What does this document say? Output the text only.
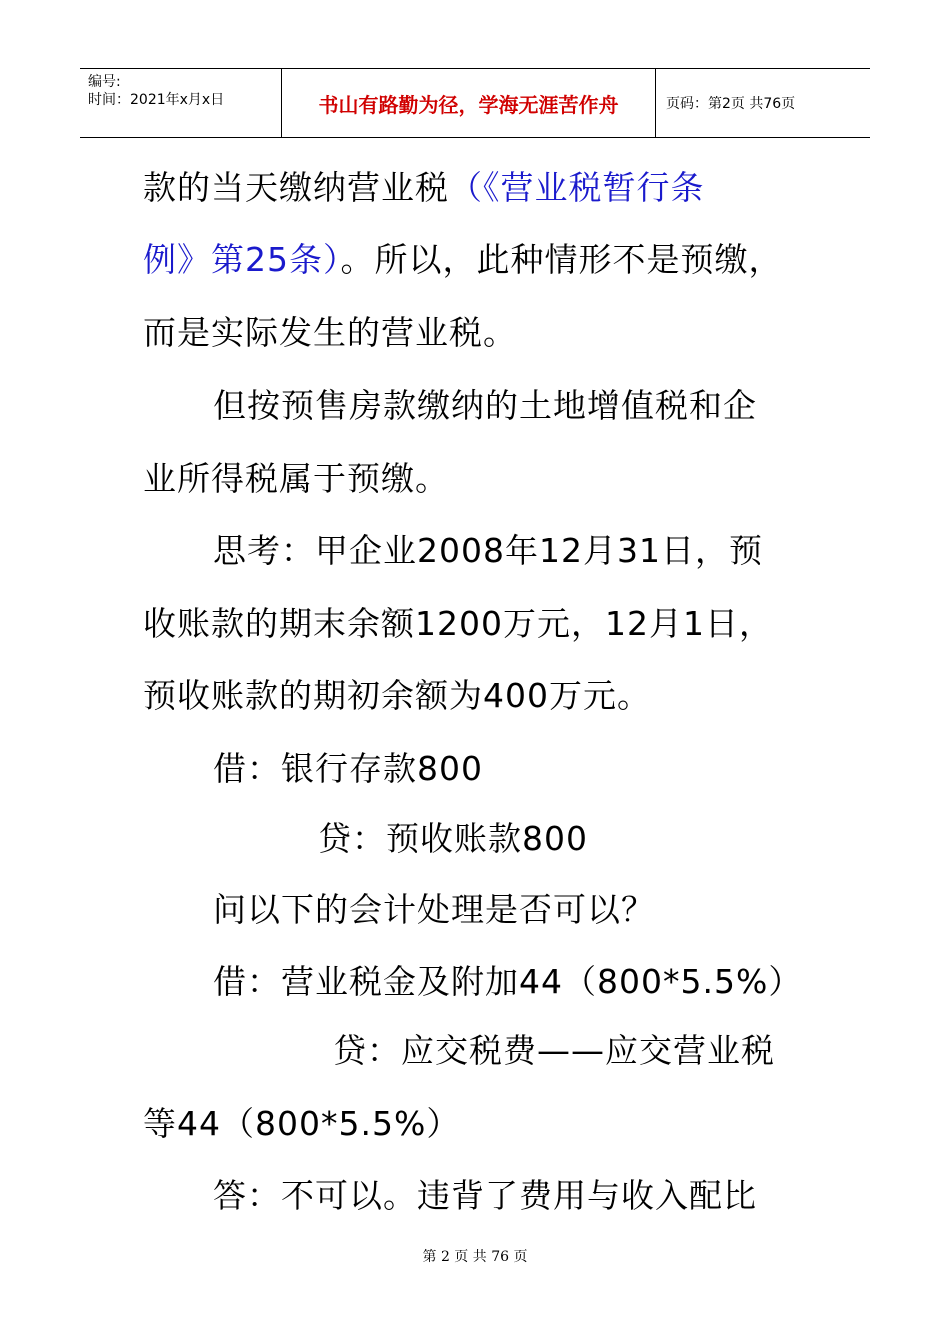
编号:
时间：2021年x月x日	书山有路勤为径，学海无涯苦作舟	页码：第2页 共76页
款的当天缴纳营业税（《营业税暂行条
例》第25条）。所以，此种情形不是预缴，
而是实际发生的营业税。
但按预售房款缴纳的土地增值税和企
业所得税属于预缴。
思考：甲企业2008年12月31日，预
收账款的期末余额1200万元，12月1日，
预收账款的期初余额为400万元。
借：银行存款800
贷：预收账款800
问以下的会计处理是否可以？
借：营业税金及附加44（800*5.5%）
贷：应交税费——应交营业税
等44（800*5.5%）
答：不可以。违背了费用与收入配比
第 2 页 共 76 页
